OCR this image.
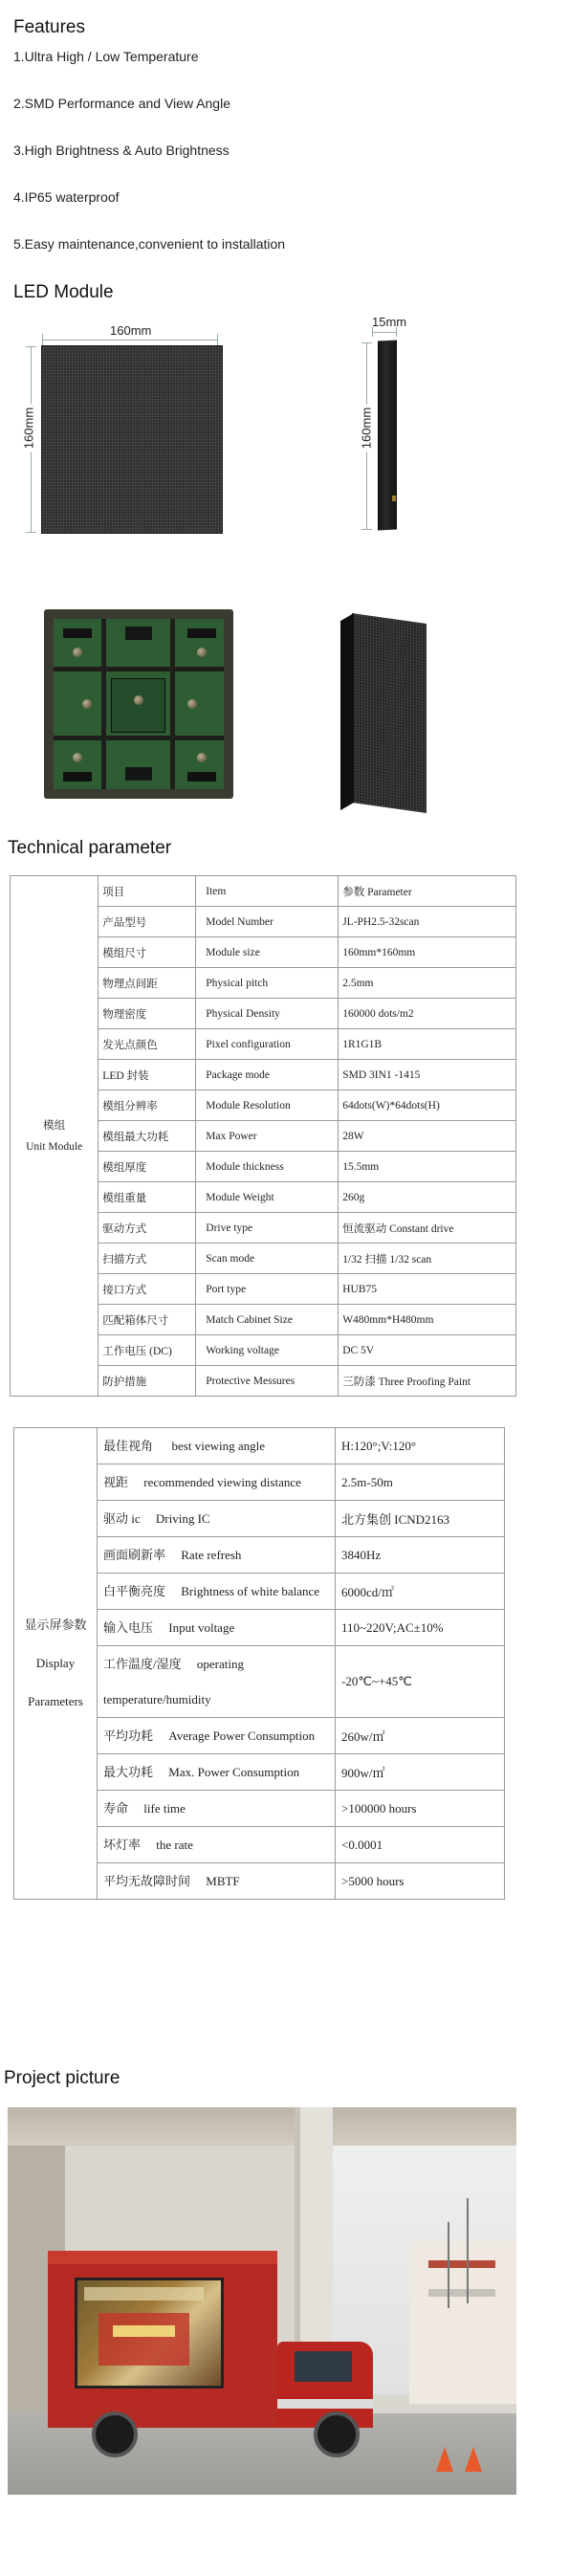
Features
1.Ultra High / Low Temperature
2.SMD Performance and View Angle
3.High Brightness & Auto Brightness
4.IP65 waterproof
5.Easy maintenance,convenient to installation
LED Module
160mm
160mm
15mm
160mm
Technical parameter
模组
Unit Module	项目	Item	参数 Parameter
	产品型号	Model Number	JL-PH2.5-32scan
	模组尺寸	Module size	160mm*160mm
	物理点间距	Physical pitch	2.5mm
	物理密度	Physical Density	160000 dots/m2
	发光点颜色	Pixel configuration	1R1G1B
	LED 封装	Package mode	SMD 3IN1 -1415
	模组分辨率	Module Resolution	64dots(W)*64dots(H)
	模组最大功耗	Max Power	28W
	模组厚度	Module thickness	15.5mm
	模组重量	Module Weight	260g
	驱动方式	Drive type	恒流驱动 Constant drive
	扫描方式	Scan mode	1/32 扫描 1/32 scan
	接口方式	Port type	HUB75
	匹配箱体尺寸	Match Cabinet Size	W480mm*H480mm
	工作电压 (DC)	Working voltage	DC 5V
	防护措施	Protective Messures	三防漆 Three Proofing Paint
显示屏参数
Display
Parameters	最佳视角 best viewing angle	H:120°;V:120°
	视距 recommended viewing distance	2.5m-50m
	驱动 ic Driving IC	北方集创 ICND2163
	画面刷新率 Rate refresh	3840Hz
	白平衡亮度 Brightness of white balance	6000cd/㎡
	输入电压 Input voltage	110~220V;AC±10%
	工作温度/湿度 operating temperature/humidity	-20℃~+45℃
	平均功耗 Average Power Consumption	260w/㎡
	最大功耗 Max. Power Consumption	900w/㎡
	寿命 life time	>100000 hours
	坏灯率 the rate	<0.0001
	平均无故障时间 MBTF	>5000 hours
Project picture
